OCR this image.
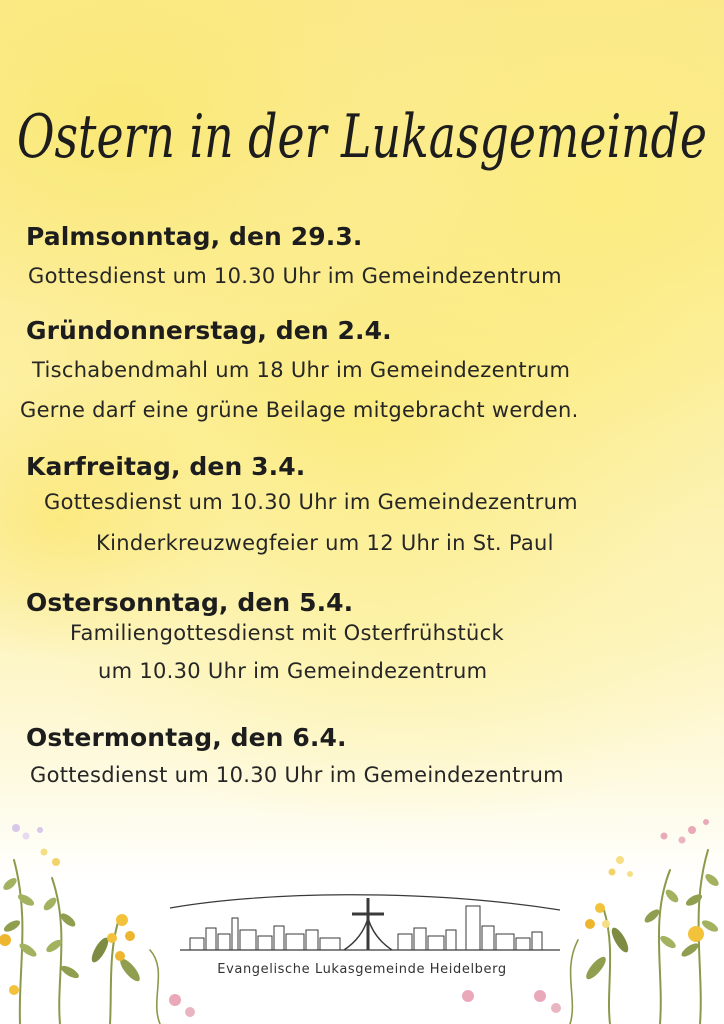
Ostern in der Lukasgemeinde
Palmsonntag, den 29.3.
Gottesdienst um 10.30 Uhr im Gemeindezentrum
Gründonnerstag, den 2.4.
Tischabendmahl um 18 Uhr im Gemeindezentrum
Gerne darf eine grüne Beilage mitgebracht werden.
Karfreitag, den 3.4.
Gottesdienst um 10.30 Uhr im Gemeindezentrum
Kinderkreuzwegfeier um 12 Uhr in St. Paul
Ostersonntag, den 5.4.
Familiengottesdienst mit Osterfrühstück
um 10.30 Uhr im Gemeindezentrum
Ostermontag, den 6.4.
Gottesdienst um 10.30 Uhr im Gemeindezentrum
Evangelische Lukasgemeinde Heidelberg
